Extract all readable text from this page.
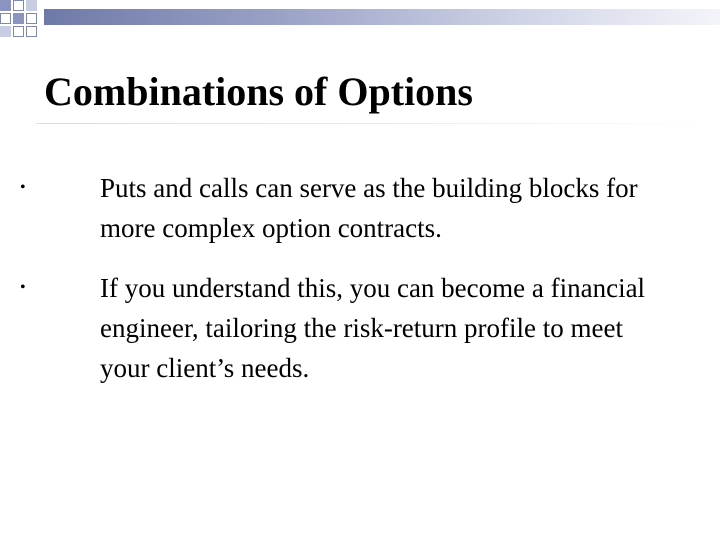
Combinations of Options
•	Puts and calls can serve as the building blocks for more complex option contracts.
•	If you understand this, you can become a financial engineer, tailoring the risk-return profile to meet your client’s needs.
